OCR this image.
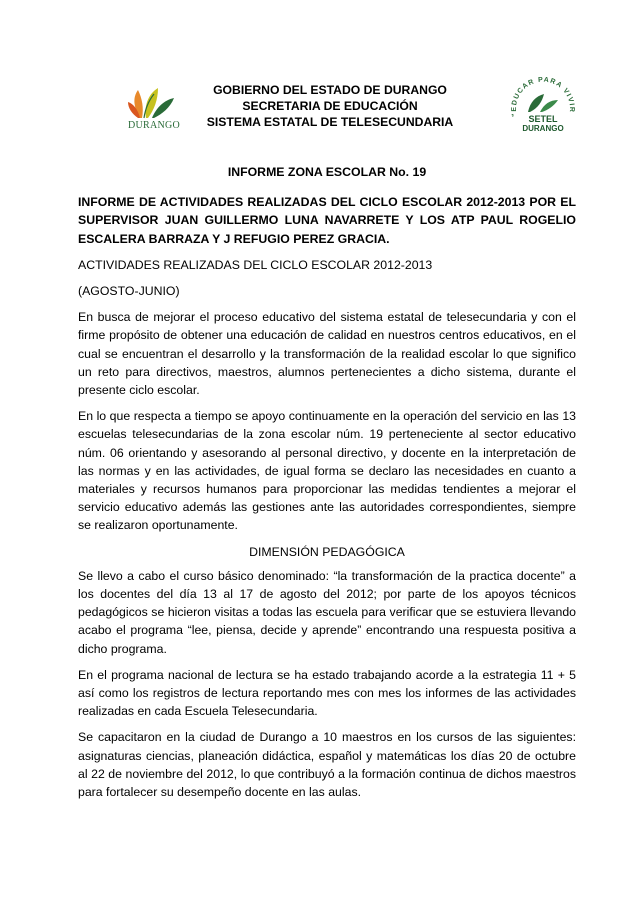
DURANGO
GOBIERNO DEL ESTADO DE DURANGO
SECRETARIA DE EDUCACIÓN
SISTEMA ESTATAL DE TELESECUNDARIA
"EDUCAR PARA VIVIR
SETEL
DURANGO
INFORME ZONA ESCOLAR No. 19
INFORME DE ACTIVIDADES REALIZADAS DEL CICLO ESCOLAR 2012-2013 POR EL SUPERVISOR JUAN GUILLERMO LUNA NAVARRETE Y LOS ATP PAUL ROGELIO ESCALERA BARRAZA Y J REFUGIO PEREZ GRACIA.
ACTIVIDADES REALIZADAS DEL CICLO ESCOLAR 2012-2013
(AGOSTO-JUNIO)
En busca de mejorar el proceso educativo del sistema estatal de telesecundaria y con el firme propósito de obtener una educación de calidad en nuestros centros educativos, en el cual se encuentran el desarrollo y la transformación de la realidad escolar lo que significo un reto para directivos, maestros, alumnos pertenecientes a dicho sistema, durante el presente ciclo escolar.
En lo que respecta a tiempo se apoyo continuamente en la operación del servicio en las 13 escuelas telesecundarias de la zona escolar núm. 19 perteneciente al sector educativo núm. 06 orientando y asesorando al personal directivo, y docente en la interpretación de las normas y en las actividades, de igual forma se declaro las necesidades en cuanto a materiales y recursos humanos para proporcionar las medidas tendientes a mejorar el servicio educativo además las gestiones ante las autoridades correspondientes, siempre se realizaron oportunamente.
DIMENSIÓN PEDAGÓGICA
Se llevo a cabo el curso básico denominado: “la transformación de la practica docente” a los docentes del día 13 al 17 de agosto del 2012; por parte de los apoyos técnicos pedagógicos se hicieron visitas a todas las escuela para verificar que se estuviera llevando acabo el programa “lee, piensa, decide y aprende” encontrando una respuesta positiva a dicho programa.
En el programa nacional de lectura se ha estado trabajando acorde a la estrategia 11 + 5 así como los registros de lectura reportando mes con mes los informes de las actividades realizadas en cada Escuela Telesecundaria.
Se capacitaron en la ciudad de Durango a 10 maestros en los cursos de las siguientes: asignaturas ciencias, planeación didáctica, español y matemáticas los días 20 de octubre al 22 de noviembre del 2012, lo que contribuyó a la formación continua de dichos maestros para fortalecer su desempeño docente en las aulas.
